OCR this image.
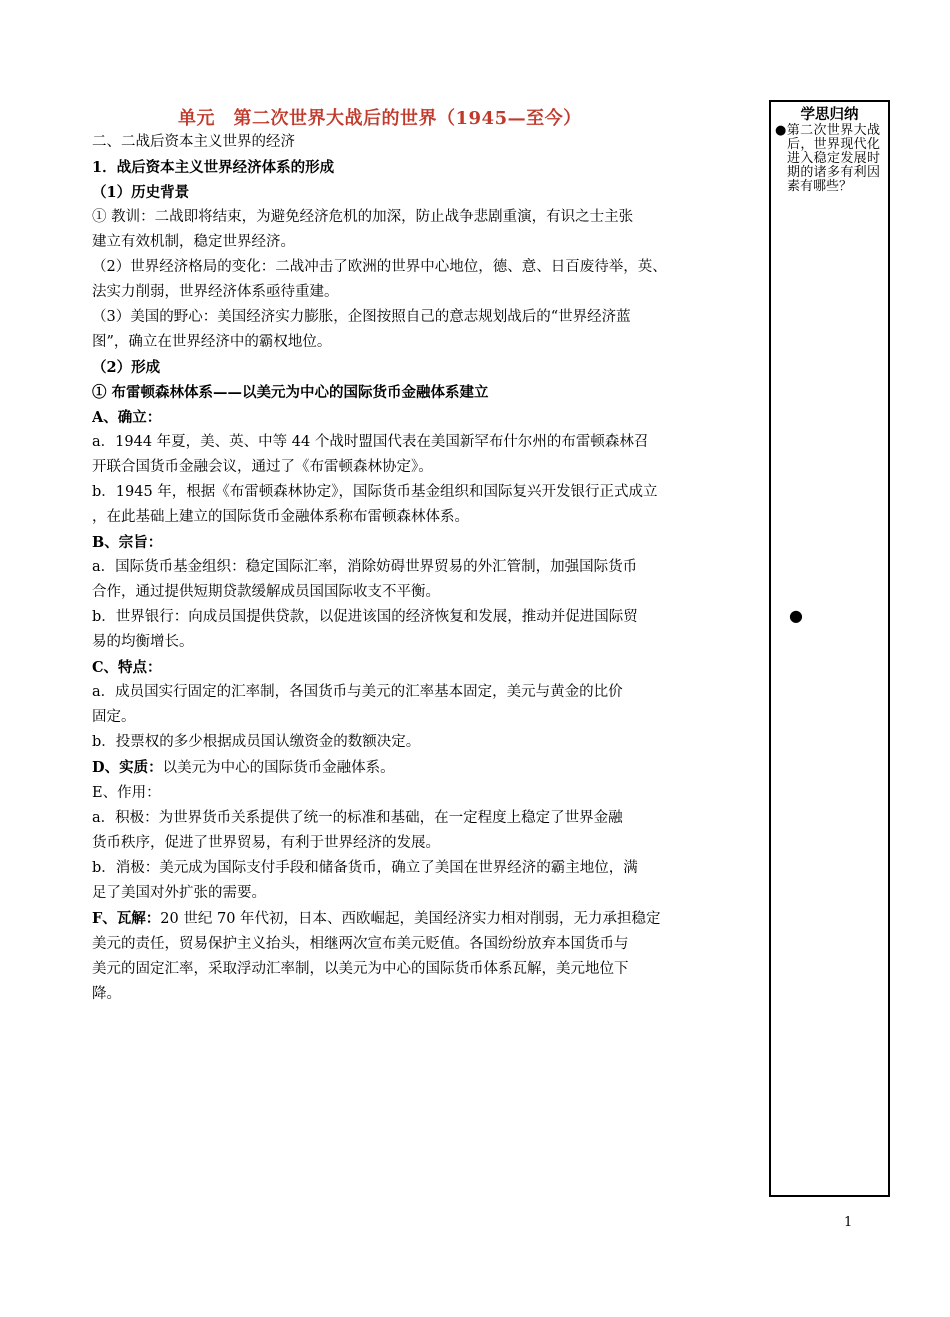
单元　第二次世界大战后的世界（1945—至今）
二、二战后资本主义世界的经济
1．战后资本主义世界经济体系的形成
（1）历史背景
① 教训：二战即将结束，为避免经济危机的加深，防止战争悲剧重演，有识之士主张
建立有效机制，稳定世界经济。
（2）世界经济格局的变化：二战冲击了欧洲的世界中心地位，德、意、日百废待举，英、
法实力削弱，世界经济体系亟待重建。
（3）美国的野心：美国经济实力膨胀，企图按照自己的意志规划战后的“世界经济蓝
图”，确立在世界经济中的霸权地位。
（2）形成
① 布雷顿森林体系——以美元为中心的国际货币金融体系建立
A、确立：
a．1944 年夏，美、英、中等 44 个战时盟国代表在美国新罕布什尔州的布雷顿森林召
开联合国货币金融会议，通过了《布雷顿森林协定》。
b．1945 年，根据《布雷顿森林协定》，国际货币基金组织和国际复兴开发银行正式成立
，在此基础上建立的国际货币金融体系称布雷顿森林体系。
B、宗旨：
a．国际货币基金组织：稳定国际汇率，消除妨碍世界贸易的外汇管制，加强国际货币
合作，通过提供短期贷款缓解成员国国际收支不平衡。
b．世界银行：向成员国提供贷款，以促进该国的经济恢复和发展，推动并促进国际贸
易的均衡增长。
C、特点：
a．成员国实行固定的汇率制，各国货币与美元的汇率基本固定，美元与黄金的比价
固定。
b．投票权的多少根据成员国认缴资金的数额决定。
D、实质：以美元为中心的国际货币金融体系。
E、作用：
a．积极：为世界货币关系提供了统一的标准和基础，在一定程度上稳定了世界金融
货币秩序，促进了世界贸易，有利于世界经济的发展。
b．消极：美元成为国际支付手段和储备货币，确立了美国在世界经济的霸主地位，满
足了美国对外扩张的需要。
F、瓦解：20 世纪 70 年代初，日本、西欧崛起，美国经济实力相对削弱，无力承担稳定
美元的责任，贸易保护主义抬头，相继两次宣布美元贬值。各国纷纷放弃本国货币与
美元的固定汇率，采取浮动汇率制，以美元为中心的国际货币体系瓦解，美元地位下
降。
学思归纳
●第二次世界大战后，世界现代化进入稳定发展时期的诸多有利因素有哪些？
●
1
